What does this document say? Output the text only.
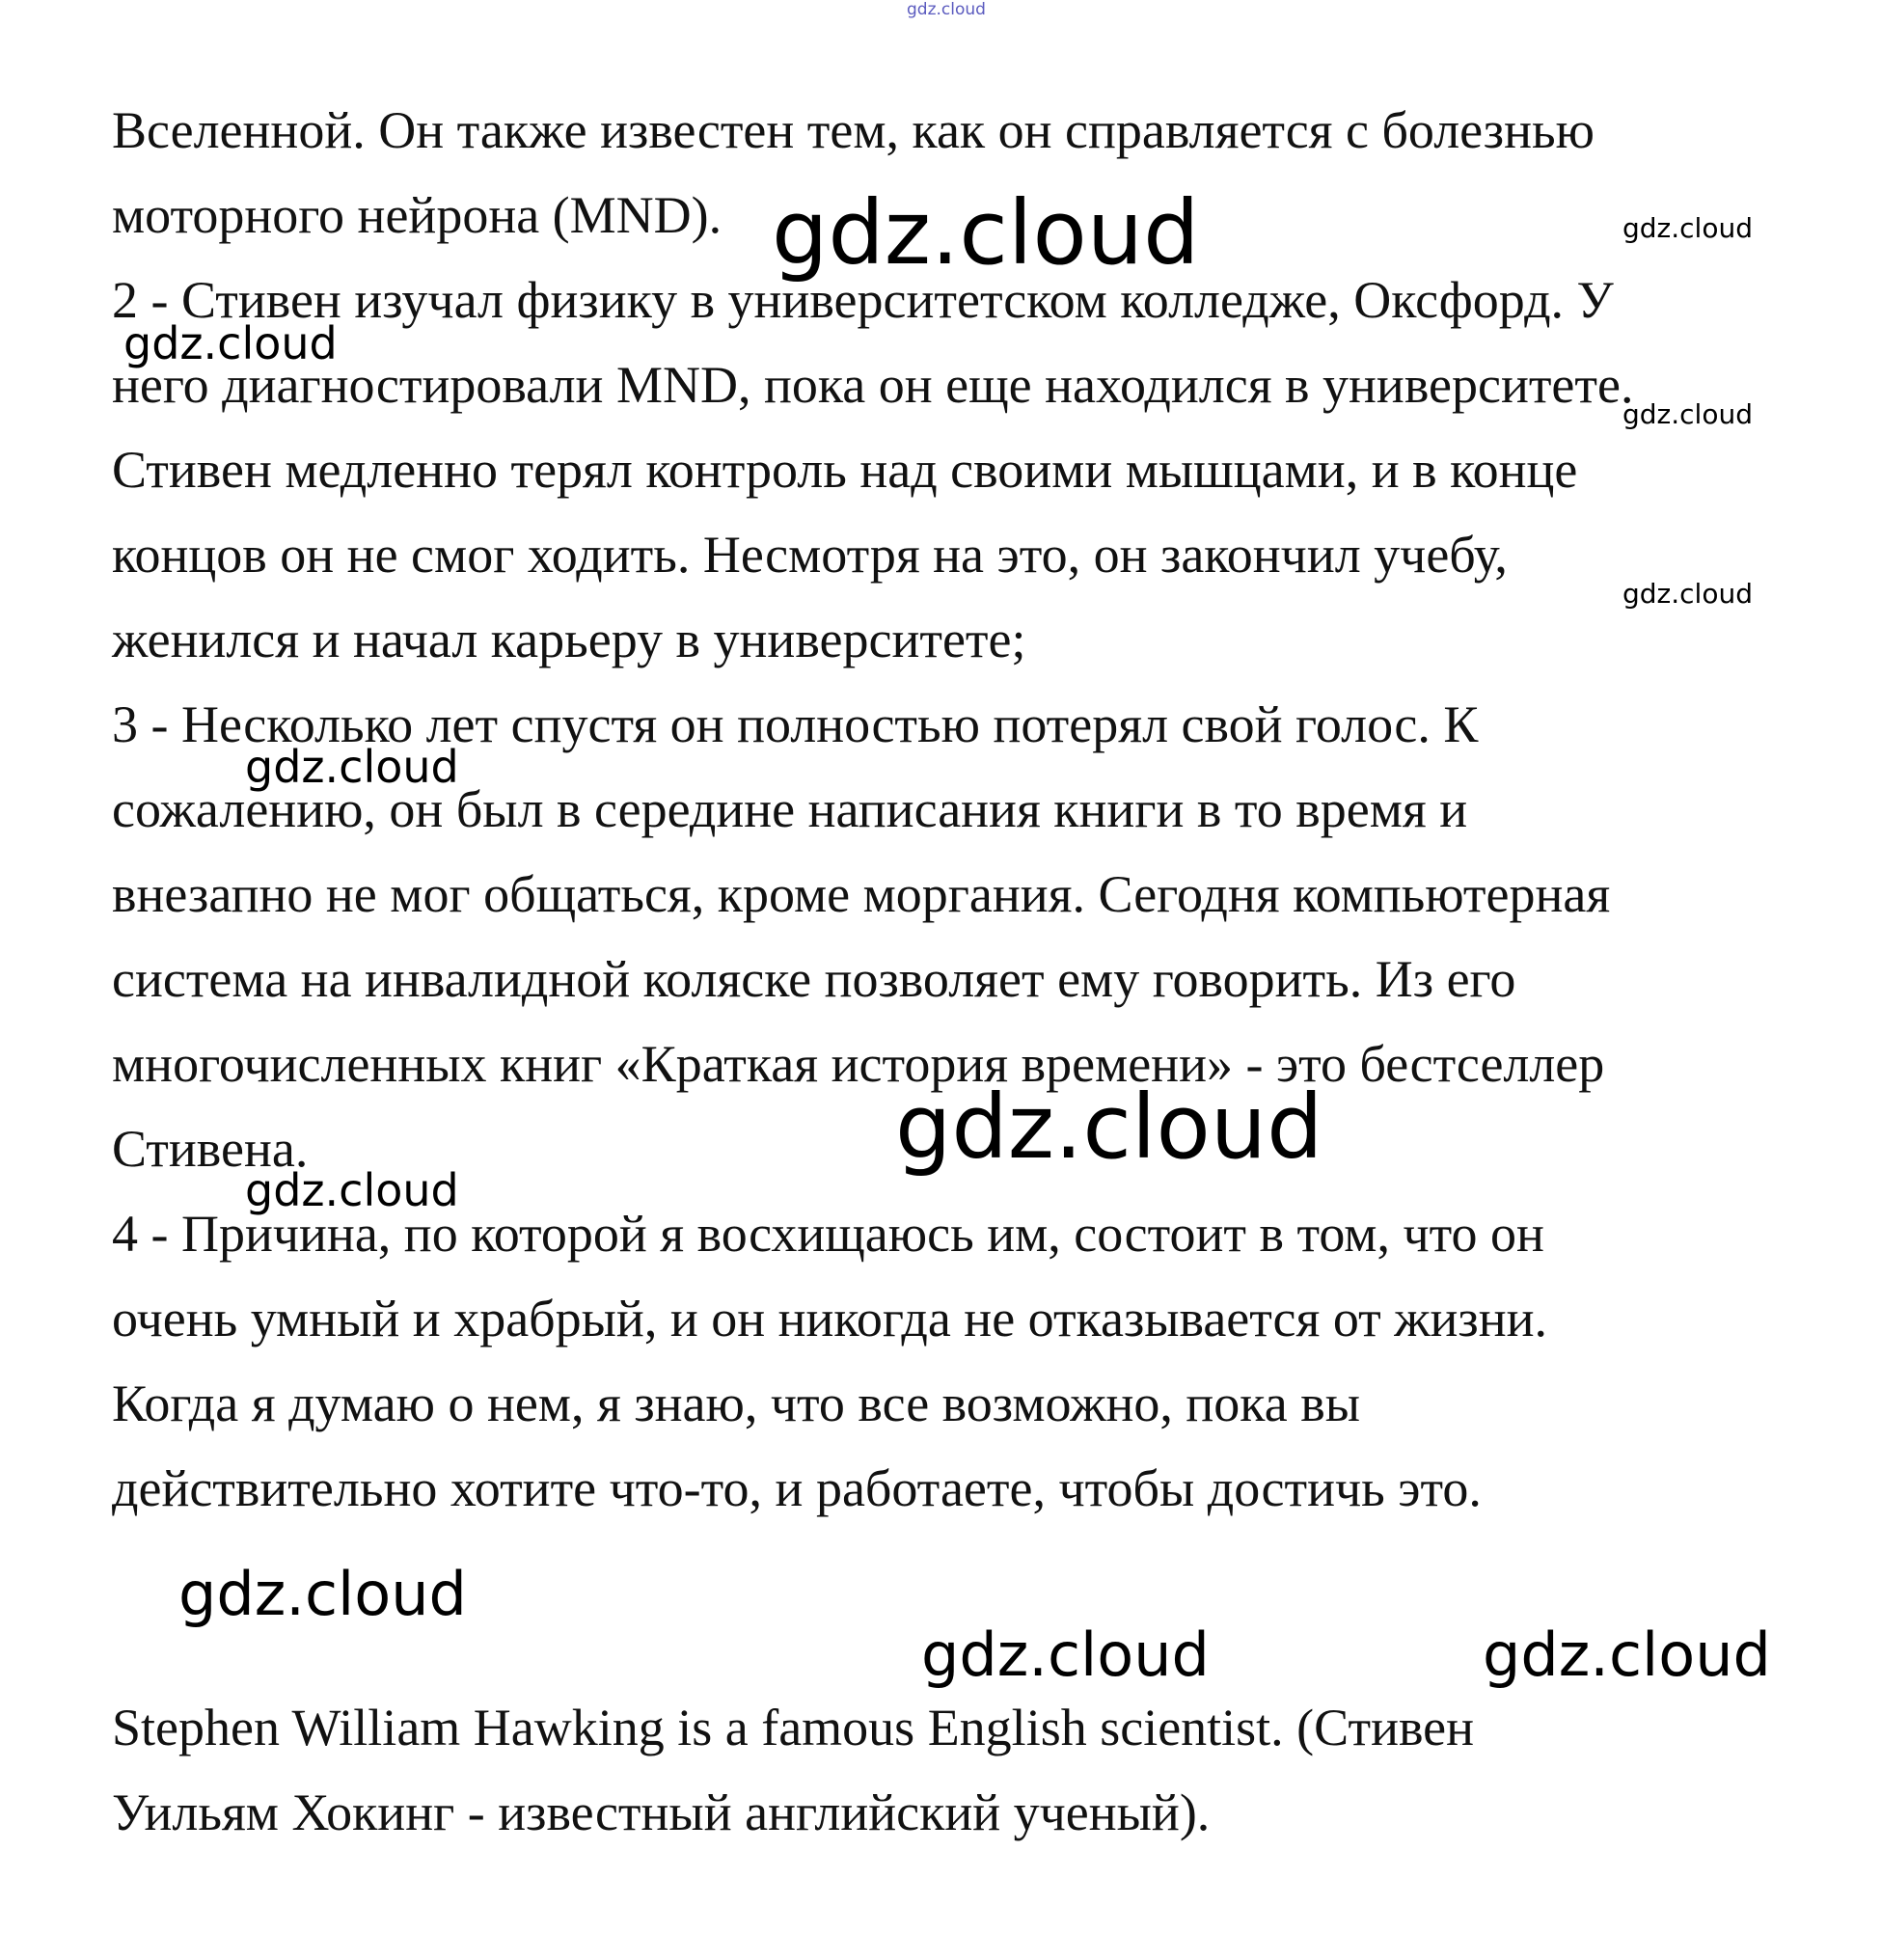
gdz.cloud
Вселенной. Он также известен тем, как он справляется с болезнью
моторного нейрона (MND).
2 - Стивен изучал физику в университетском колледже, Оксфорд. У
него диагностировали MND, пока он еще находился в университете.
Стивен медленно терял контроль над своими мышцами, и в конце
концов он не смог ходить. Несмотря на это, он закончил учебу,
женился и начал карьеру в университете;
3 - Несколько лет спустя он полностью потерял свой голос. К
сожалению, он был в середине написания книги в то время и
внезапно не мог общаться, кроме моргания. Сегодня компьютерная
система на инвалидной коляске позволяет ему говорить. Из его
многочисленных книг «Краткая история времени» - это бестселлер
Стивена.
4 - Причина, по которой я восхищаюсь им, состоит в том, что он
очень умный и храбрый, и он никогда не отказывается от жизни.
Когда я думаю о нем, я знаю, что все возможно, пока вы
действительно хотите что-то, и работаете, чтобы достичь это.
Stephen William Hawking is a famous English scientist. (Стивен
Уильям Хокинг - известный английский ученый).
gdz.cloud	gdz.cloud
gdz.cloud
gdz.cloud
gdz.cloud
gdz.cloud
gdz.cloud
gdz.cloud
gdz.cloud
gdz.cloud	gdz.cloud
